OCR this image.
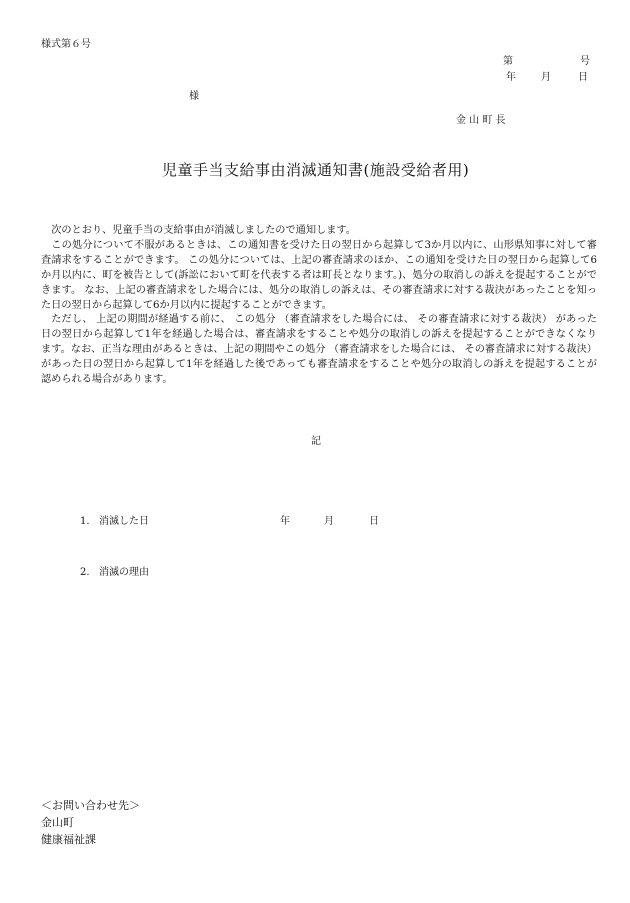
様式第６号
第	号
年	月	日
様
金 山 町 長
児童手当支給事由消滅通知書(施設受給者用)

次のとおり、児童手当の支給事由が消滅しましたので通知します。

この処分について不服があるときは、この通知書を受けた日の翌日から起算して3か月以内に、山形県知事に対して審査請求をすることができます。 この処分については、上記の審査請求のほか、この通知を受けた日の翌日から起算して6か月以内に、町を被告として(訴訟において町を代表する者は町長となります。)、処分の取消しの訴えを提起することができます。 なお、上記の審査請求をした場合には、処分の取消しの訴えは、その審査請求に対する裁決があったことを知った日の翌日から起算して6か月以内に提起することができます。

ただし、 上記の期間が経過する前に、 この処分 （審査請求をした場合には、 その審査請求に対する裁決） があった日の翌日から起算して1年を経過した場合は、審査請求をすることや処分の取消しの訴えを提起することができなくなります。なお、正当な理由があるときは、上記の期間やこの処分 （審査請求をした場合には、 その審査請求に対する裁決） があった日の翌日から起算して1年を経過した後であっても審査請求をすることや処分の取消しの訴えを提起することが認められる場合があります。

記
1. 消滅した日	年	月	日
2. 消滅の理由
＜お問い合わせ先＞
金山町
健康福祉課
